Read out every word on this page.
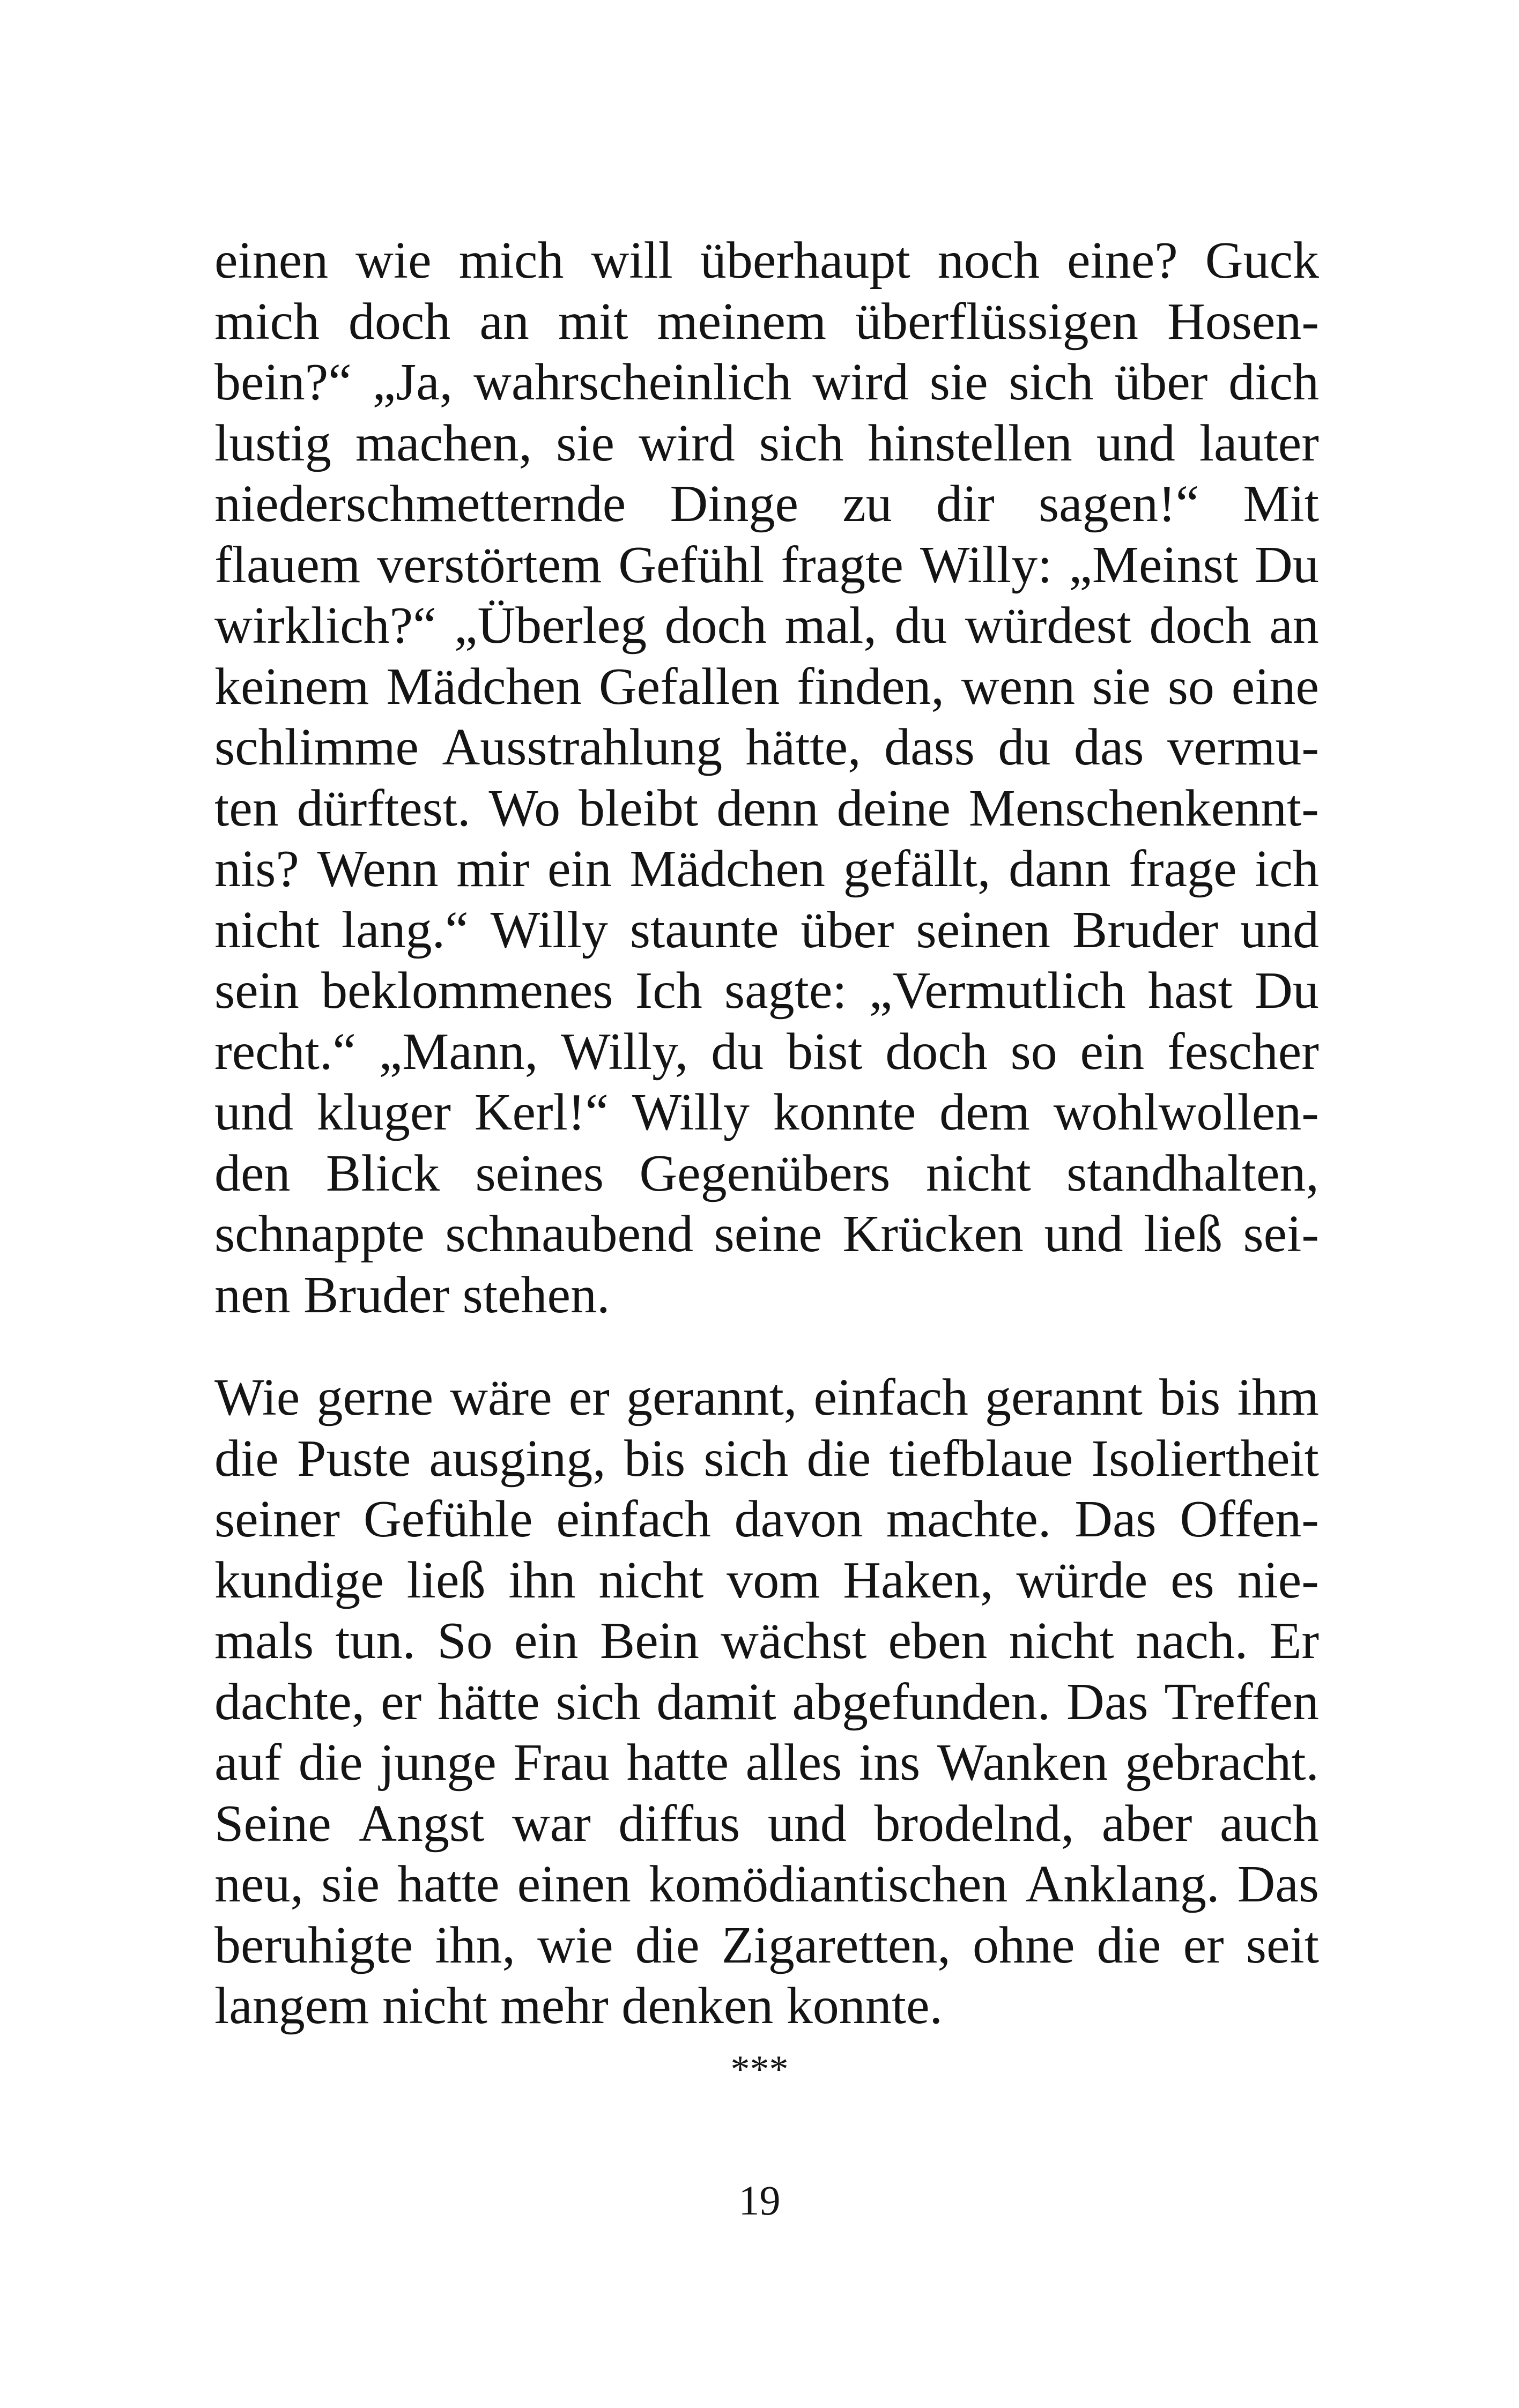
einen wie mich will überhaupt noch eine? Guck
mich doch an mit meinem überflüssigen Hosen-
bein?“ „Ja, wahrscheinlich wird sie sich über dich
lustig machen, sie wird sich hinstellen und lauter
niederschmetternde Dinge zu dir sagen!“ Mit
flauem verstörtem Gefühl fragte Willy: „Meinst Du
wirklich?“ „Überleg doch mal, du würdest doch an
keinem Mädchen Gefallen finden, wenn sie so eine
schlimme Ausstrahlung hätte, dass du das vermu-
ten dürftest. Wo bleibt denn deine Menschenkennt-
nis? Wenn mir ein Mädchen gefällt, dann frage ich
nicht lang.“ Willy staunte über seinen Bruder und
sein beklommenes Ich sagte: „Vermutlich hast Du
recht.“ „Mann, Willy, du bist doch so ein fescher
und kluger Kerl!“ Willy konnte dem wohlwollen-
den Blick seines Gegenübers nicht standhalten,
schnappte schnaubend seine Krücken und ließ sei-
nen Bruder stehen.
Wie gerne wäre er gerannt, einfach gerannt bis ihm
die Puste ausging, bis sich die tiefblaue Isoliertheit
seiner Gefühle einfach davon machte. Das Offen-
kundige ließ ihn nicht vom Haken, würde es nie-
mals tun. So ein Bein wächst eben nicht nach. Er
dachte, er hätte sich damit abgefunden. Das Treffen
auf die junge Frau hatte alles ins Wanken gebracht.
Seine Angst war diffus und brodelnd, aber auch
neu, sie hatte einen komödiantischen Anklang. Das
beruhigte ihn, wie die Zigaretten, ohne die er seit
langem nicht mehr denken konnte.
***
19
